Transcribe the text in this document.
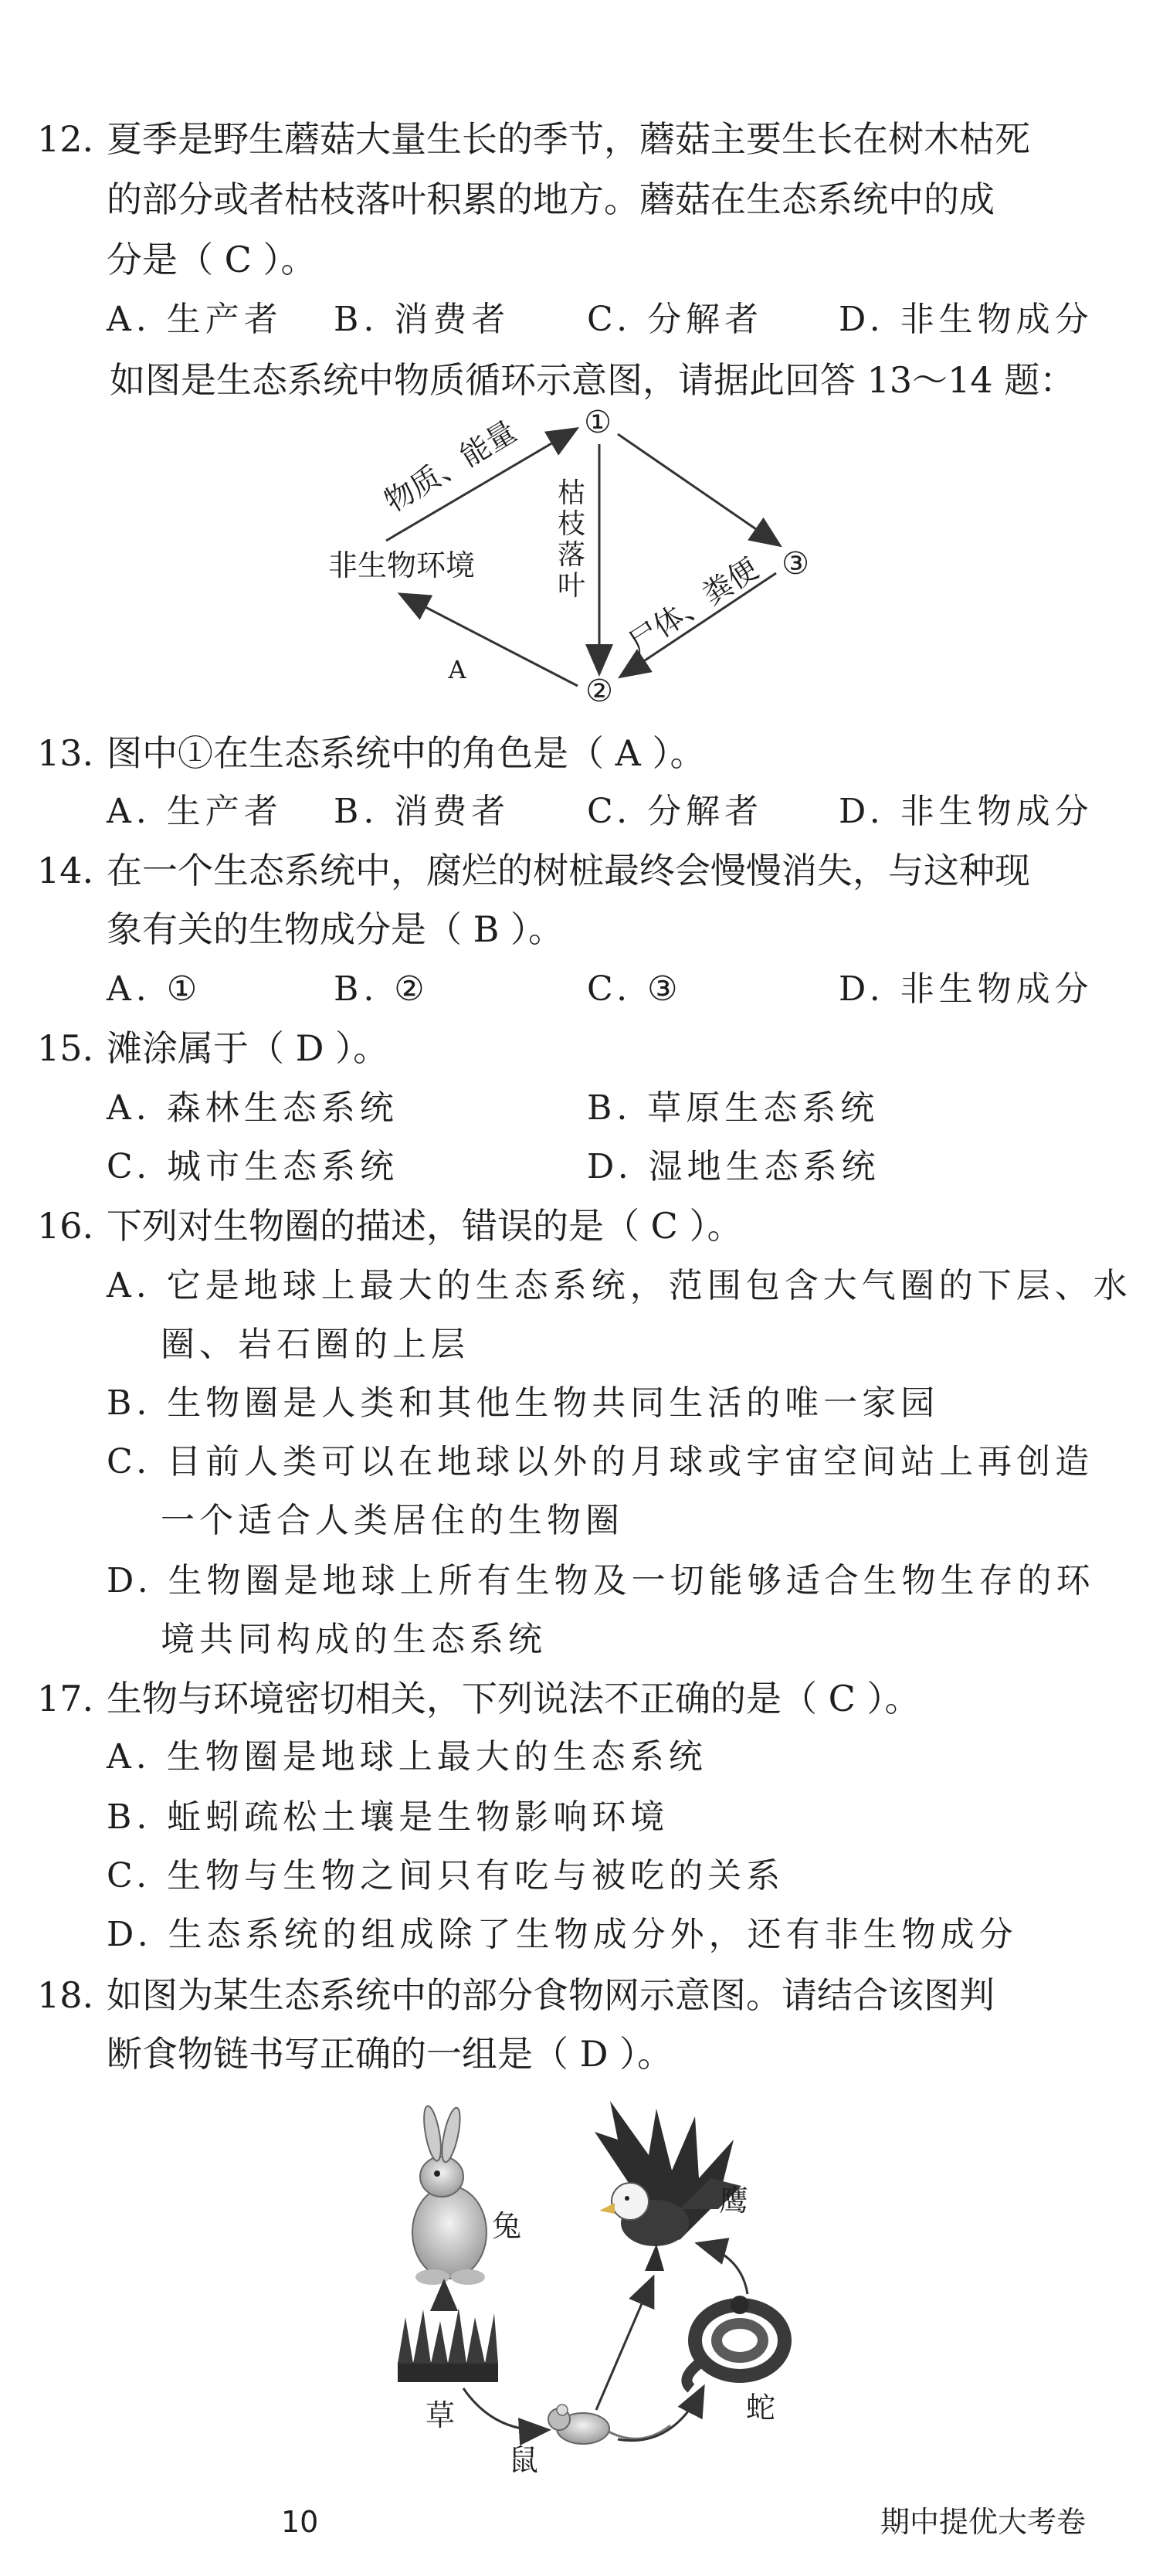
12. 夏季是野生蘑菇大量生长的季节，蘑菇主要生长在树木枯死
的部分或者枯枝落叶积累的地方。蘑菇在生态系统中的成
分是（ C ）。
A. 生产者 B. 消费者 C. 分解者 D. 非生物成分
如图是生态系统中物质循环示意图，请据此回答 13～14 题：
①
②
③
非生物环境
物质、能量 枯
枝
落
叶 尸体、粪便
A
13. 图中①在生态系统中的角色是（ A ）。
A. 生产者 B. 消费者 C. 分解者 D. 非生物成分
14. 在一个生态系统中，腐烂的树桩最终会慢慢消失，与这种现
象有关的生物成分是（ B ）。
A. ①	B. ②	C. ③	D. 非生物成分
15. 滩涂属于（ D ）。
A. 森林生态系统	B. 草原生态系统
C. 城市生态系统	D. 湿地生态系统
16. 下列对生物圈的描述，错误的是（ C ）。
A. 它是地球上最大的生态系统，范围包含大气圈的下层、水
圈、岩石圈的上层
B. 生物圈是人类和其他生物共同生活的唯一家园
C. 目前人类可以在地球以外的月球或宇宙空间站上再创造
一个适合人类居住的生物圈
D. 生物圈是地球上所有生物及一切能够适合生物生存的环
境共同构成的生态系统
17. 生物与环境密切相关，下列说法不正确的是（ C ）。
A. 生物圈是地球上最大的生态系统
B. 蚯蚓疏松土壤是生物影响环境
C. 生物与生物之间只有吃与被吃的关系
D. 生态系统的组成除了生物成分外，还有非生物成分
18. 如图为某生态系统中的部分食物网示意图。请结合该图判
断食物链书写正确的一组是（ D ）。
兔
鹰
草
鼠
蛇
10	期中提优大考卷
